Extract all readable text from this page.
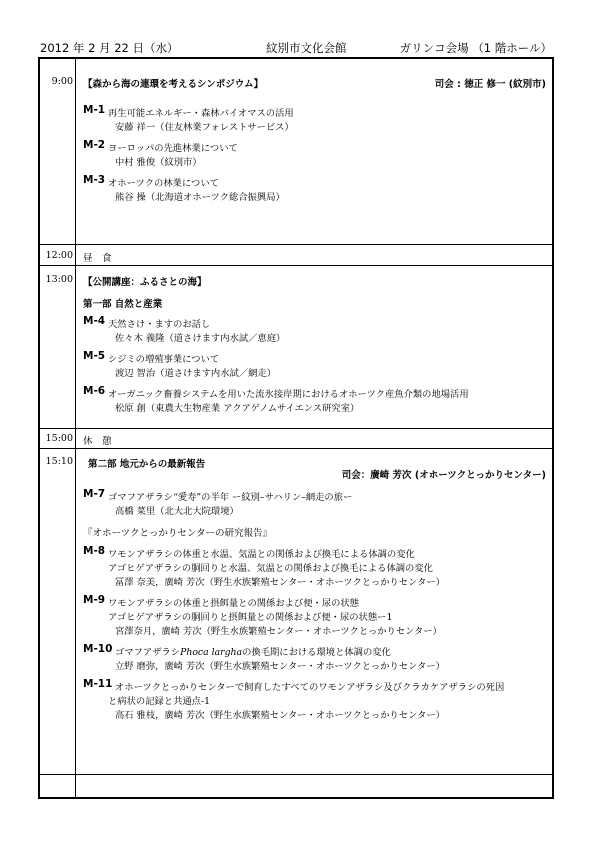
2012 年 2 月 22 日（水）	紋別市文化会館	ガリンコ会場 （1 階ホール）
9:00 【森から海の連環を考えるシンポジウム】	司会 : 徳正 修一 (紋別市)
M-1 再生可能エネルギー・森林バイオマスの活用
安藤 祥一（住友林業フォレストサービス）
M-2 ヨーロッパの先進林業について
中村 雅俊（紋別市）
M-3 オホーツクの林業について
熊谷 操（北海道オホーツク総合振興局）
12:00 昼　食
13:00 【公開講座：ふるさとの海】
第一部 自然と産業
M-4 天然さけ・ますのお話し
佐々木 義隆（道さけます内水試／恵庭）
M-5 シジミの増殖事業について
渡辺 智治（道さけます内水試／網走）
M-6 オーガニック畜養システムを用いた流氷接岸期におけるオホーツク産魚介類の地場活用
松原 創（東農大生物産業 アクアゲノムサイエンス研究室）
15:00 休　憩
15:10 第二部 地元からの最新報告
司会：廣崎 芳次 (オホーツクとっかりセンター)
M-7 ゴマフアザラシ“愛寿”の半年 ー紋別–サハリン–網走の旅ー
高橋 菜里（北大北大院環境）
『オホーツクとっかりセンターの研究報告』
M-8 ワモンアザラシの体重と水温、気温との関係および換毛による体調の変化
アゴヒゲアザラシの胴回りと水温、気温との関係および換毛による体調の変化
冨澤 奈美，廣崎 芳次（野生水族繁殖センター・オホーツクとっかりセンター）
M-9 ワモンアザラシの体重と摂餌量との関係および便・尿の状態
アゴヒゲアザラシの胴回りと摂餌量との関係および便・尿の状態ー1
宮澤奈月，廣崎 芳次（野生水族繁殖センター・オホーツクとっかりセンター）
M-10 ゴマフアザラシPhoca larghaの換毛期における環境と体調の変化
立野 磨弥，廣崎 芳次（野生水族繁殖センター・オホーツクとっかりセンター）
M-11 オホーツクとっかりセンターで飼育したすべてのワモンアザラシ及びクラカケアザラシの死因
と病状の記録と共通点-1
高石 雅枝，廣崎 芳次（野生水族繁殖センター・オホーツクとっかりセンター）
